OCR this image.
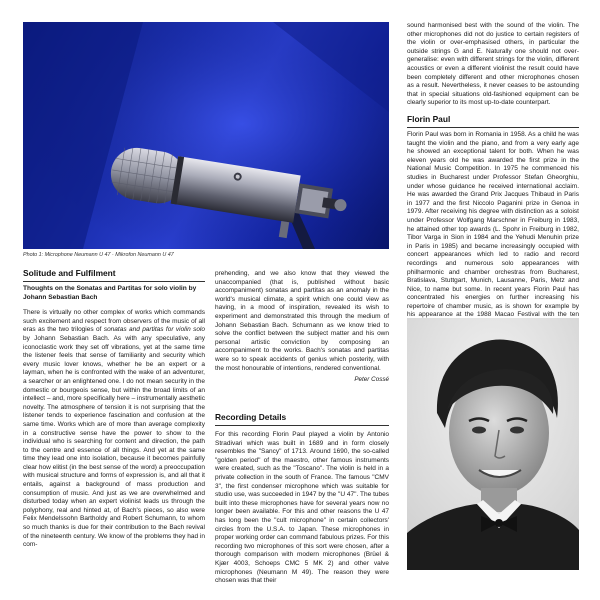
Photo 1: Microphone Neumann U 47 · Mikrofon Neumann U 47
Solitude and Fulfilment

Thoughts on the Sonatas and Partitas for solo violin by Johann Sebastian Bach

There is virtually no other complex of works which commands such excitement and respect from observers of the music of all eras as the two trilogies of sonatas and partitas for violin solo by Johann Sebastian Bach. As with any speculative, any iconoclastic work they set off vibrations, yet at the same time the listener feels that sense of familiarity and security which every music lover knows, whether he be an expert or a layman, when he is confronted with the wake of an adventurer, a searcher or an enlightened one. I do not mean security in the domestic or bourgeois sense, but within the broad limits of an intellect – and, more specifically here – instrumentally aesthetic novelty. The atmosphere of tension it is not surprising that the listener tends to experience fascination and confusion at the same time. Works which are of more than average complexity in a constructive sense have the power to show to the individual who is searching for content and direction, the path to the centre and essence of all things. And yet at the same time they lead one into isolation, because it becomes painfully clear how elitist (in the best sense of the word) a preoccupation with musical structure and forms of expression is, and all that it entails, against a background of mass production and consumption of music. And just as we are overwhelmed and disturbed today when an expert violinist leads us through the polyphony, real and hinted at, of Bach's pieces, so also were Felix Mendelssohn Bartholdy and Robert Schumann, to whom so much thanks is due for their contribution to the Bach revival of the nineteenth century. We know of the problems they had in com-

prehending, and we also know that they viewed the unaccompanied (that is, published without basic accompaniment) sonatas and partitas as an anomaly in the world's musical climate, a spirit which one could view as having, in a mood of inspiration, revealed its wish to experiment and demonstrated this through the medium of Johann Sebastian Bach. Schumann as we know tried to solve the conflict between the subject matter and his own personal artistic conviction by composing an accompaniment to the works. Bach's sonatas and partitas were so to speak accidents of genius which posterity, with the most honourable of intentions, rendered conventional.

Peter Cossé
Recording Details

For this recording Florin Paul played a violin by Antonio Stradivari which was built in 1689 and in form closely resembles the "Sancy" of 1713. Around 1690, the so-called "golden period" of the maestro, other famous instruments were created, such as the "Toscano". The violin is held in a private collection in the south of France. The famous "CMV 3", the first condenser microphone which was suitable for studio use, was succeeded in 1947 by the "U 47". The tubes built into these microphones have for several years now no longer been available. For this and other reasons the U 47 has long been the "cult microphone" in certain collectors' circles from the U.S.A. to Japan. These microphones in proper working order can command fabulous prizes. For this recording two microphones of this sort were chosen, after a thorough comparison with modern microphones (Brüel & Kjær 4003, Schoeps CMC 5 MK 2) and other valve microphones (Neumann M 49). The reason they were chosen was that their

sound harmonised best with the sound of the violin. The other microphones did not do justice to certain registers of the violin or over-emphasised others, in particular the outside strings G and E. Naturally one should not over-generalise: even with different strings for the violin, different acoustics or even a different violinist the result could have been completely different and other microphones chosen as a result. Nevertheless, it never ceases to be astounding that in special situations old-fashioned equipment can be clearly superior to its most up-to-date counterpart.

Florin Paul

Florin Paul was born in Romania in 1958. As a child he was taught the violin and the piano, and from a very early age he showed an exceptional talent for both. When he was eleven years old he was awarded the first prize in the National Music Competition. In 1975 he commenced his studies in Bucharest under Professor Stefan Gheorghiu, under whose guidance he received international acclaim. He was awarded the Grand Prix Jacques Thibaud in Paris in 1977 and the first Niccolo Paganini prize in Genoa in 1979. After receiving his degree with distinction as a soloist under Professor Wolfgang Marschner in Freiburg in 1983, he attained other top awards (L. Spohr in Freiburg in 1982, Tibor Varga in Sion in 1984 and the Yehudi Menuhin prize in Paris in 1985) and became increasingly occupied with concert appearances which led to radio and record recordings and numerous solo appearances with philharmonic and chamber orchestras from Bucharest, Bratislava, Stuttgart, Munich, Lausanne, Paris, Metz and Nice, to name but some. In recent years Florin Paul has concentrated his energies on further increasing his repertoire of chamber music, as is shown for example by his appearance at the 1988 Macao Festival with the ten
